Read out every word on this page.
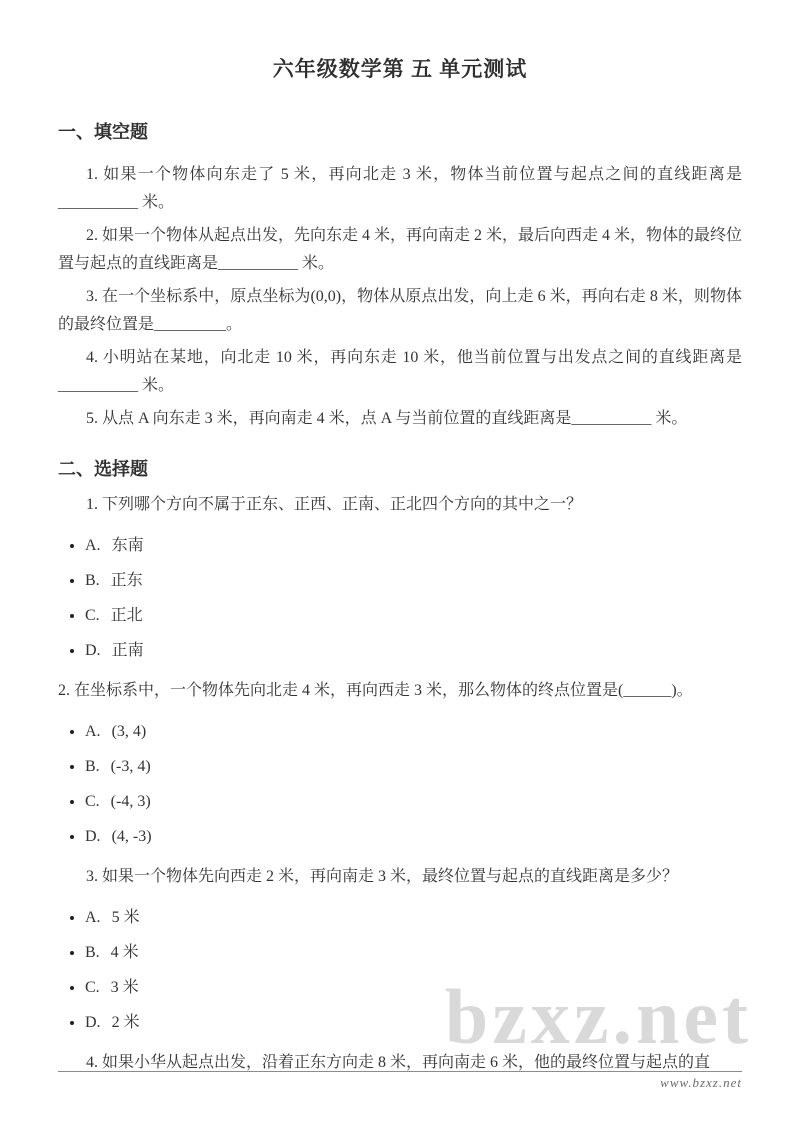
bzxz.net
六年级数学第 五 单元测试
一、填空题

1. 如果一个物体向东走了 5 米，再向北走 3 米，物体当前位置与起点之间的直线距离是__________ 米。

2. 如果一个物体从起点出发，先向东走 4 米，再向南走 2 米，最后向西走 4 米，物体的最终位置与起点的直线距离是__________ 米。

3. 在一个坐标系中，原点坐标为(0,0)，物体从原点出发，向上走 6 米，再向右走 8 米，则物体的最终位置是_________。

4. 小明站在某地，向北走 10 米，再向东走 10 米，他当前位置与出发点之间的直线距离是__________ 米。

5. 从点 A 向东走 3 米，再向南走 4 米，点 A 与当前位置的直线距离是__________ 米。

二、选择题

1. 下列哪个方向不属于正东、正西、正南、正北四个方向的其中之一？

• A. 东南
• B. 正东
• C. 正北
• D. 正南

2. 在坐标系中，一个物体先向北走 4 米，再向西走 3 米，那么物体的终点位置是(______)。

• A. (3, 4)
• B. (-3, 4)
• C. (-4, 3)
• D. (4, -3)

3. 如果一个物体先向西走 2 米，再向南走 3 米，最终位置与起点的直线距离是多少？

• A. 5 米
• B. 4 米
• C. 3 米
• D. 2 米

4. 如果小华从起点出发，沿着正东方向走 8 米，再向南走 6 米，他的最终位置与起点的直

www.bzxz.net
